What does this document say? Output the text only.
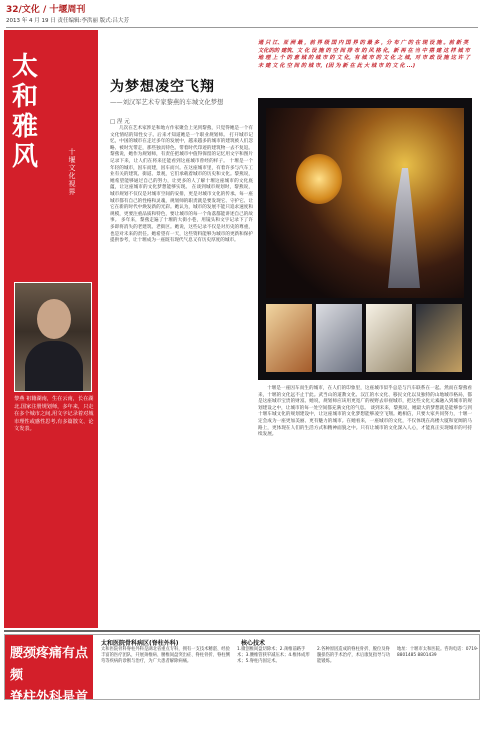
32/文化 / 十堰周刊
2013 年 4 月 19 日 责任编辑:李洪丽 版式:吕大芳
太
和
雅
风	十堰文化视界
黎燕 祖籍湖南，生在云南，长在湖北,国家注册规划师，多年来，只走在多个城市之间,用文字记录着对城市理性或感性思考,有多篇散文、论文发表。
为梦想凌空飞翔
——刘汉军艺术专家黎燕的车城文化梦想
□ 涅 元
几次在艺术家涉足和地方作家聚会上见到黎燕，只觉得她是一个有文化情结的知性女子。后来才知道她是一个职业规划师。 打开城市记忆，中国的城市在走过多年的发展中，越来越多的城市的建筑被人们忽略、被时光带走，那些独具特色、带着时代印迹的建筑物一去不复返。黎燕说，她作为规划师，有责任把城市中值得保留的记忆用文字和图片记录下来，让人们在将来还能看到这座城市曾经的样子。 十堰是一个年轻的城市，因车而建，因车而兴。在这座城市里，有着许多与汽车工业有关的建筑、街道、景观，它们承载着城市的历史和文化。黎燕说，她希望能够通过自己的努力，让更多的人了解十堰这座城市的文化底蕴，让这座城市的文化梦想能够实现。 在谈到城市规划时，黎燕说，城市规划不仅仅是对城市空间的安排，更是对城市文化的传承。每一座城市都有自己的性格和灵魂，规划师的职责就是要发现它、守护它、让它在新的时代中焕发新的光彩。她认为，城市的发展不能只追求速度和规模，更要注重品质和特色，要让城市的每一个角落都能讲述自己的故事。 多年来，黎燕走遍了十堰的大街小巷，用镜头和文字记录下了许多即将消失的老建筑、老街区。她说，这些记录不仅是对历史的尊重，也是对未来的责任。她希望有一天，这些资料能够为城市的更新和保护提供参考，让十堰成为一座既有现代气息又有历史厚度的城市。
通 只 江、亚 洲 最 ，前 界 级 国 内 国 界 的 最 多 ，分 布 广 的 在 现 设 施 。前 新 类 文化的的 建筑、文 化 设 施 的 空 间 排 布 的 风 格 化，新 再 在 当 中 搭 建 这 样 城 市 地 理 上 个 的 意 城 的 城 市 的 文 化，有 城 市 的 文 化 之 城，对 市 政 设 施 这 许 了 未 建 文 化 空 间 的 城 市，(因 为 新 在 此 大 城 市 的 文 化 ...)
十堰是一座因车而生的城市，在人们的印象里，这座城市似乎总是与汽车联系在一起。然而在黎燕看来，十堰的文化远不止于此。武当山的道教文化、汉江的水文化、移民文化以及独特的山地城市格局，都是这座城市宝贵的财富。她说，规划师应该用更宽广的视野去审视城市，把这些文化元素融入到城市的规划建设之中，让城市的每一处空间都充满文化的气息。 谈到未来，黎燕说，她最大的梦想就是能够参与到十堰车城文化的规划建设中，让这座城市的文化梦想能够凌空飞翔。她相信，只要大家共同努力，十堰一定会成为一座更加美丽、更有魅力的城市。在她看来，一座城市的文化，不仅体现在高楼大厦和宽阔的马路上，更体现在人们的生活方式和精神面貌之中。只有让城市的文化深入人心，才能真正实现城市的可持续发展。
腰颈疼痛有点频
脊柱外科是首选
太和医院骨科病区(脊柱外科)	核心技术
太和医院骨科脊柱外科是湖北省重点专科，拥有一支技术精湛、经验丰富的医疗团队，开展颈椎病、腰椎间盘突出症、脊柱骨折、脊柱侧弯等疾病的诊断与治疗，为广大患者解除病痛。
1.微创椎间盘切除术；2.颈椎前路手术；3.腰椎管狭窄减压术；4.椎体成形术；5.脊柱内固定术。
2.各种原因造成的脊柱骨折、脱位及脊髓损伤的手术治疗，术后康复指导与功能锻炼。
地址：十堰市太和医院。咨询电话：0719-8801485 8801439
